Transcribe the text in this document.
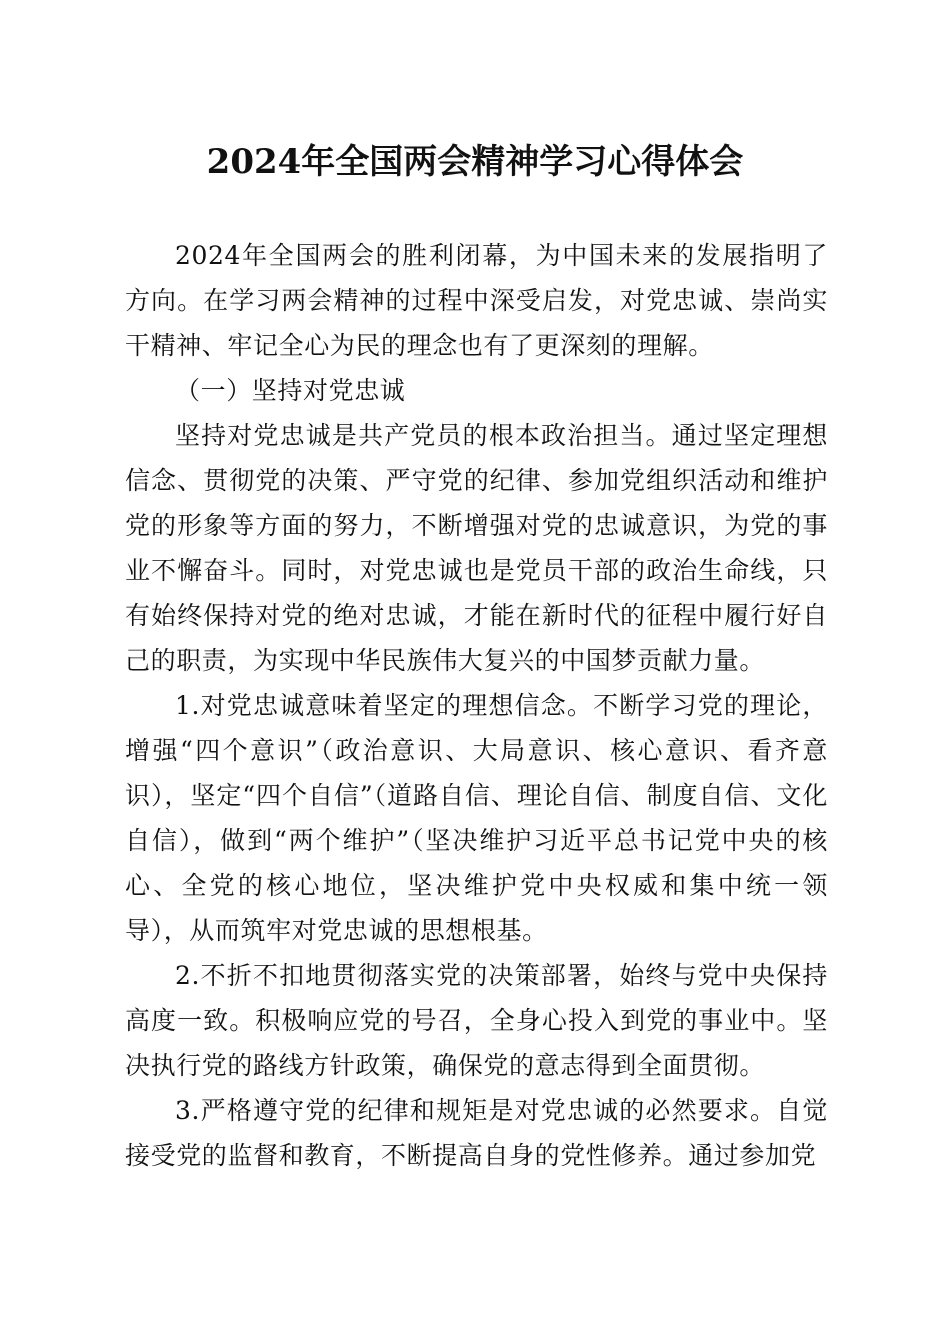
2024年全国两会精神学习心得体会

2024年全国两会的胜利闭幕，为中国未来的发展指明了方向。在学习两会精神的过程中深受启发，对党忠诚、崇尚实干精神、牢记全心为民的理念也有了更深刻的理解。

（一）坚持对党忠诚

坚持对党忠诚是共产党员的根本政治担当。通过坚定理想信念、贯彻党的决策、严守党的纪律、参加党组织活动和维护党的形象等方面的努力，不断增强对党的忠诚意识，为党的事业不懈奋斗。同时，对党忠诚也是党员干部的政治生命线，只有始终保持对党的绝对忠诚，才能在新时代的征程中履行好自己的职责，为实现中华民族伟大复兴的中国梦贡献力量。

1.对党忠诚意味着坚定的理想信念。不断学习党的理论，增强“四个意识”（政治意识、大局意识、核心意识、看齐意识），坚定“四个自信”（道路自信、理论自信、制度自信、文化自信），做到“两个维护”（坚决维护习近平总书记党中央的核心、全党的核心地位，坚决维护党中央权威和集中统一领导），从而筑牢对党忠诚的思想根基。

2.不折不扣地贯彻落实党的决策部署，始终与党中央保持高度一致。积极响应党的号召，全身心投入到党的事业中。坚决执行党的路线方针政策，确保党的意志得到全面贯彻。

3.严格遵守党的纪律和规矩是对党忠诚的必然要求。自觉接受党的监督和教育，不断提高自身的党性修养。通过参加党
